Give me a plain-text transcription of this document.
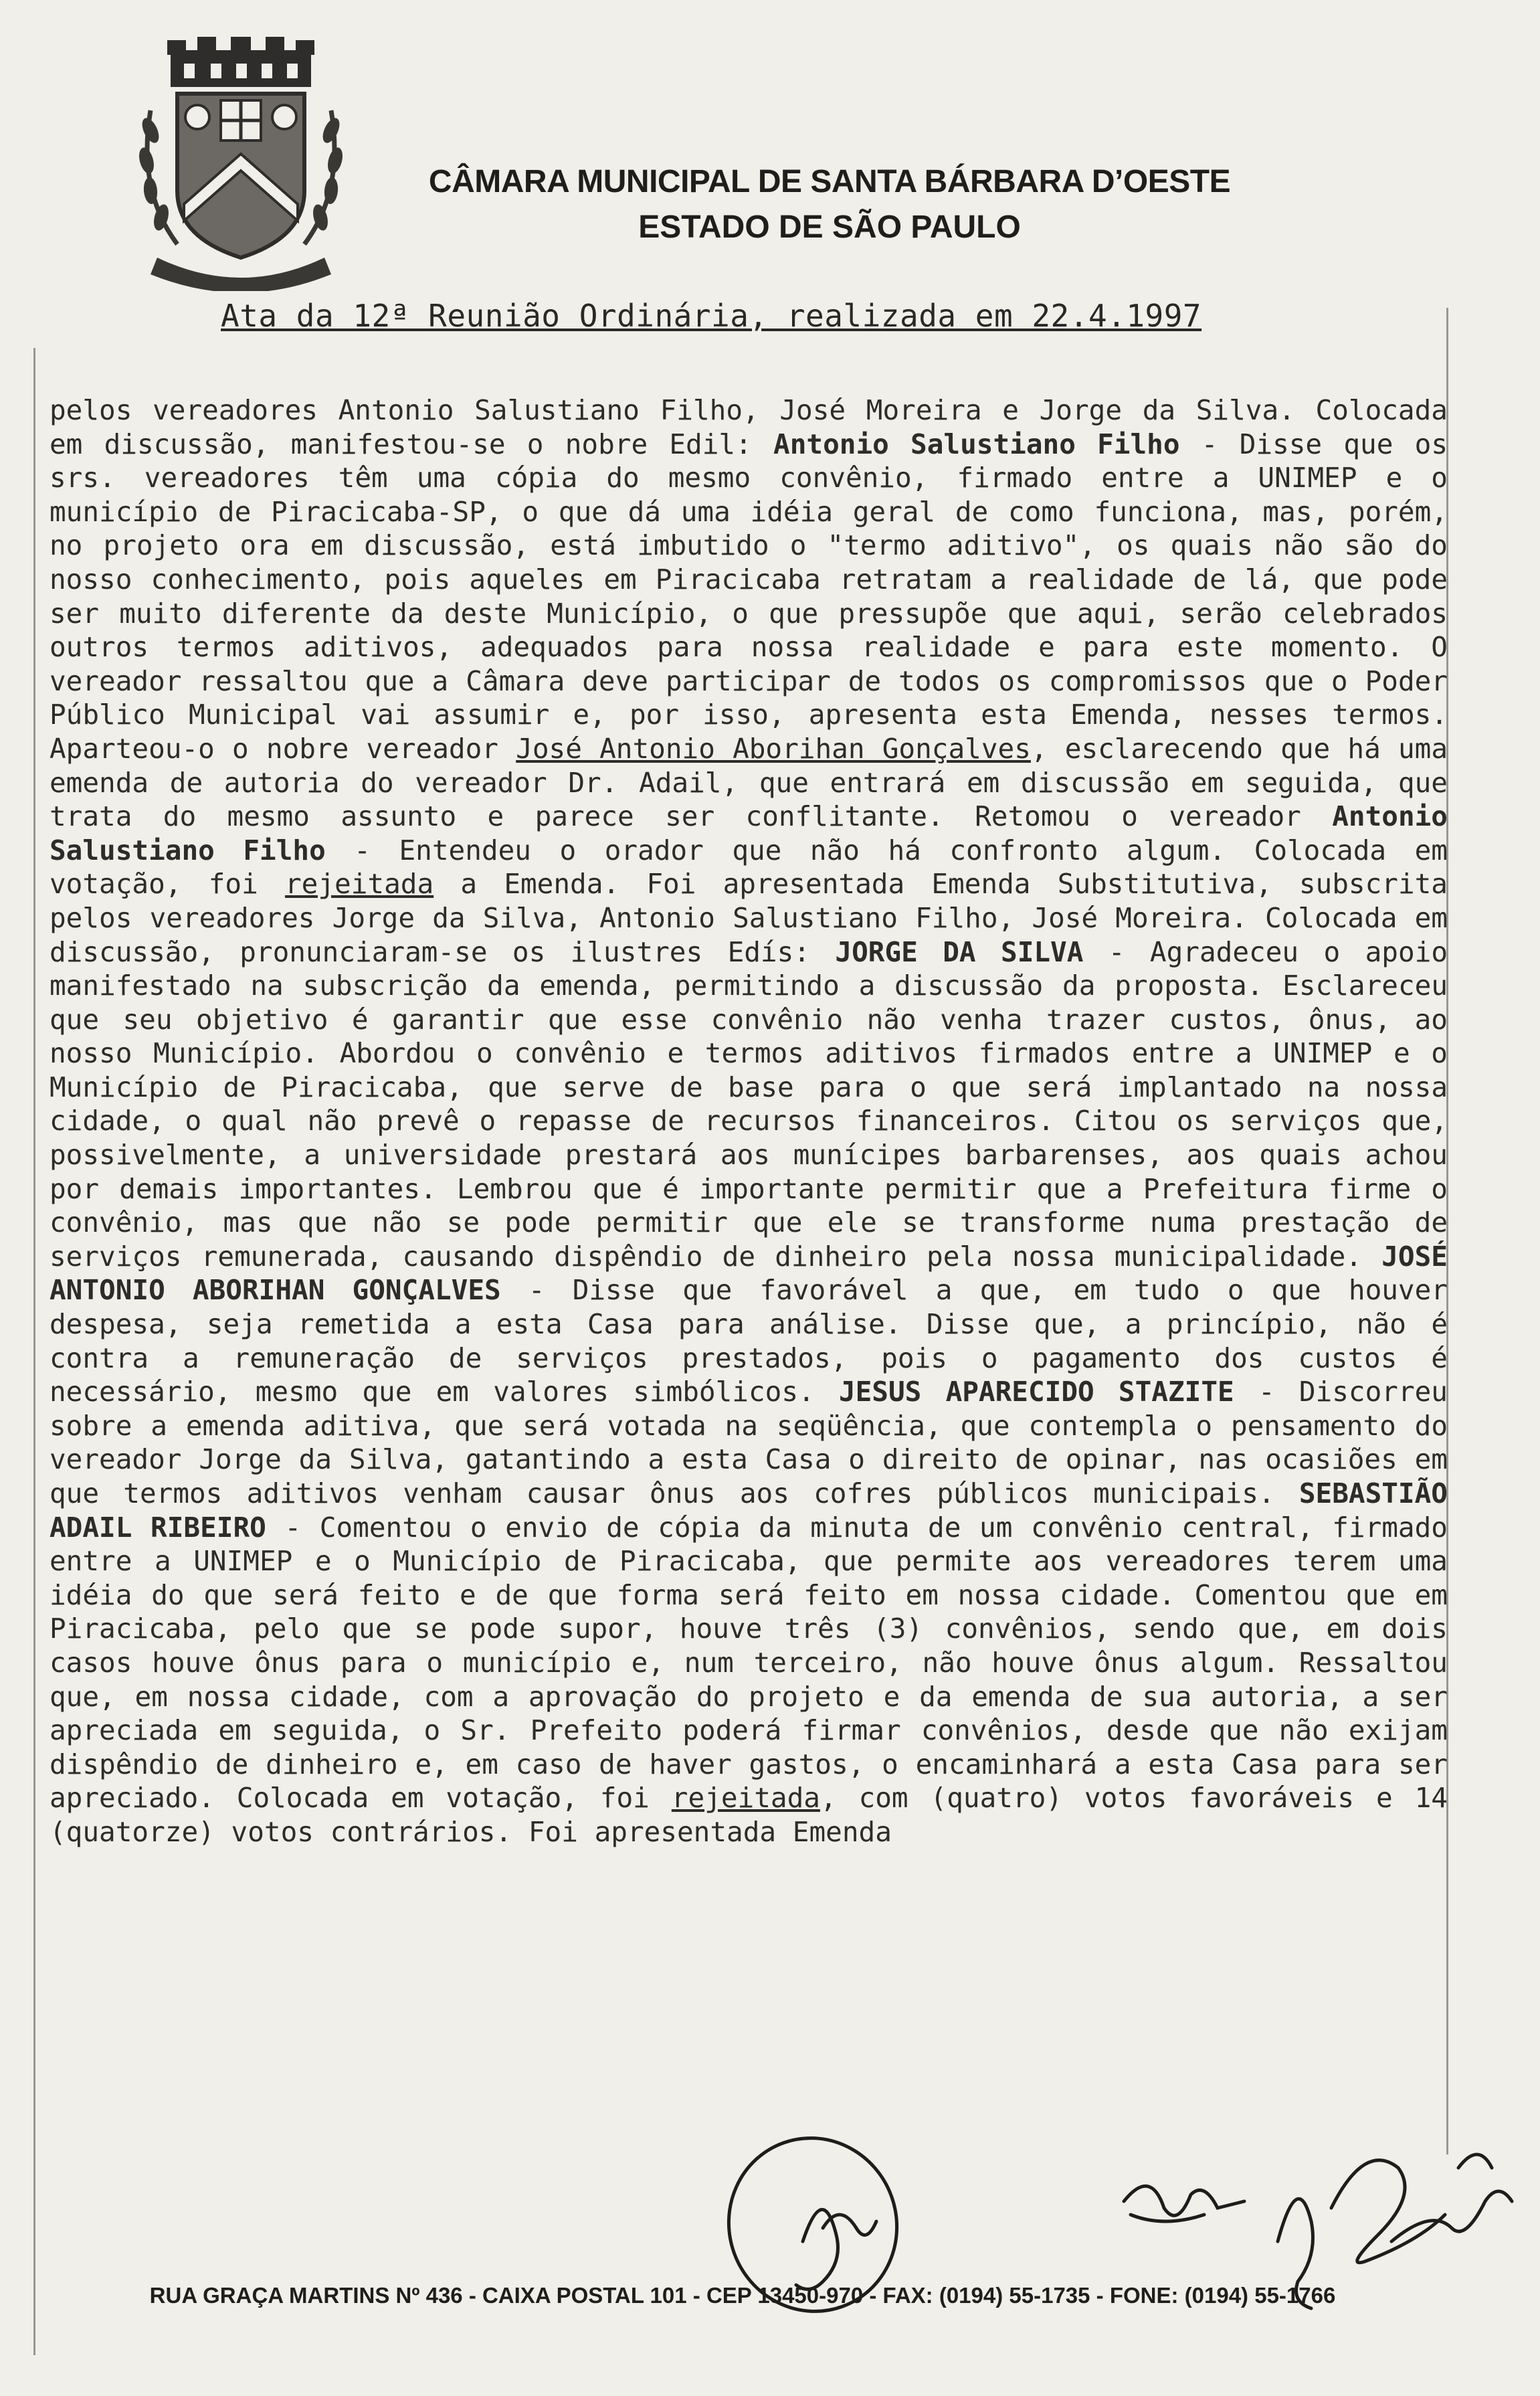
CÂMARA MUNICIPAL DE SANTA BÁRBARA D’OESTE
ESTADO DE SÃO PAULO
Ata da 12ª Reunião Ordinária, realizada em 22.4.1997

pelos vereadores Antonio Salustiano Filho, José Moreira e Jorge da Silva. Colocada em discussão, manifestou-se o nobre Edil: Antonio Salustiano Filho - Disse que os srs. vereadores têm uma cópia do mesmo convênio, firmado entre a UNIMEP e o município de Piracicaba-SP, o que dá uma idéia geral de como funciona, mas, porém, no projeto ora em discussão, está imbutido o "termo aditivo", os quais não são do nosso conhecimento, pois aqueles em Piracicaba retratam a realidade de lá, que pode ser muito diferente da deste Município, o que pressupõe que aqui, serão celebrados outros termos aditivos, adequados para nossa realidade e para este momento. O vereador ressaltou que a Câmara deve participar de todos os compromissos que o Poder Público Municipal vai assumir e, por isso, apresenta esta Emenda, nesses termos. Aparteou-o o nobre vereador José Antonio Aborihan Gonçalves, esclarecendo que há uma emenda de autoria do vereador Dr. Adail, que entrará em discussão em seguida, que trata do mesmo assunto e parece ser conflitante. Retomou o vereador Antonio Salustiano Filho - Entendeu o orador que não há confronto algum. Colocada em votação, foi rejeitada a Emenda. Foi apresentada Emenda Substitutiva, subscrita pelos vereadores Jorge da Silva, Antonio Salustiano Filho, José Moreira. Colocada em discussão, pronunciaram-se os ilustres Edís: JORGE DA SILVA - Agradeceu o apoio manifestado na subscrição da emenda, permitindo a discussão da proposta. Esclareceu que seu objetivo é garantir que esse convênio não venha trazer custos, ônus, ao nosso Município. Abordou o convênio e termos aditivos firmados entre a UNIMEP e o Município de Piracicaba, que serve de base para o que será implantado na nossa cidade, o qual não prevê o repasse de recursos financeiros. Citou os serviços que, possivelmente, a universidade prestará aos munícipes barbarenses, aos quais achou por demais importantes. Lembrou que é importante permitir que a Prefeitura firme o convênio, mas que não se pode permitir que ele se transforme numa prestação de serviços remunerada, causando dispêndio de dinheiro pela nossa municipalidade. JOSÉ ANTONIO ABORIHAN GONÇALVES - Disse que favorável a que, em tudo o que houver despesa, seja remetida a esta Casa para análise. Disse que, a princípio, não é contra a remuneração de serviços prestados, pois o pagamento dos custos é necessário, mesmo que em valores simbólicos. JESUS APARECIDO STAZITE - Discorreu sobre a emenda aditiva, que será votada na seqüência, que contempla o pensamento do vereador Jorge da Silva, gatantindo a esta Casa o direito de opinar, nas ocasiões em que termos aditivos venham causar ônus aos cofres públicos municipais. SEBASTIÃO ADAIL RIBEIRO - Comentou o envio de cópia da minuta de um convênio central, firmado entre a UNIMEP e o Município de Piracicaba, que permite aos vereadores terem uma idéia do que será feito e de que forma será feito em nossa cidade. Comentou que em Piracicaba, pelo que se pode supor, houve três (3) convênios, sendo que, em dois casos houve ônus para o município e, num terceiro, não houve ônus algum. Ressaltou que, em nossa cidade, com a aprovação do projeto e da emenda de sua autoria, a ser apreciada em seguida, o Sr. Prefeito poderá firmar convênios, desde que não exijam dispêndio de dinheiro e, em caso de haver gastos, o encaminhará a esta Casa para ser apreciado. Colocada em votação, foi rejeitada, com (quatro) votos favoráveis e 14 (quatorze) votos contrários. Foi apresentada Emenda

RUA GRAÇA MARTINS Nº 436 - CAIXA POSTAL 101 - CEP 13450-970 - FAX: (0194) 55-1735 - FONE: (0194) 55-1766
